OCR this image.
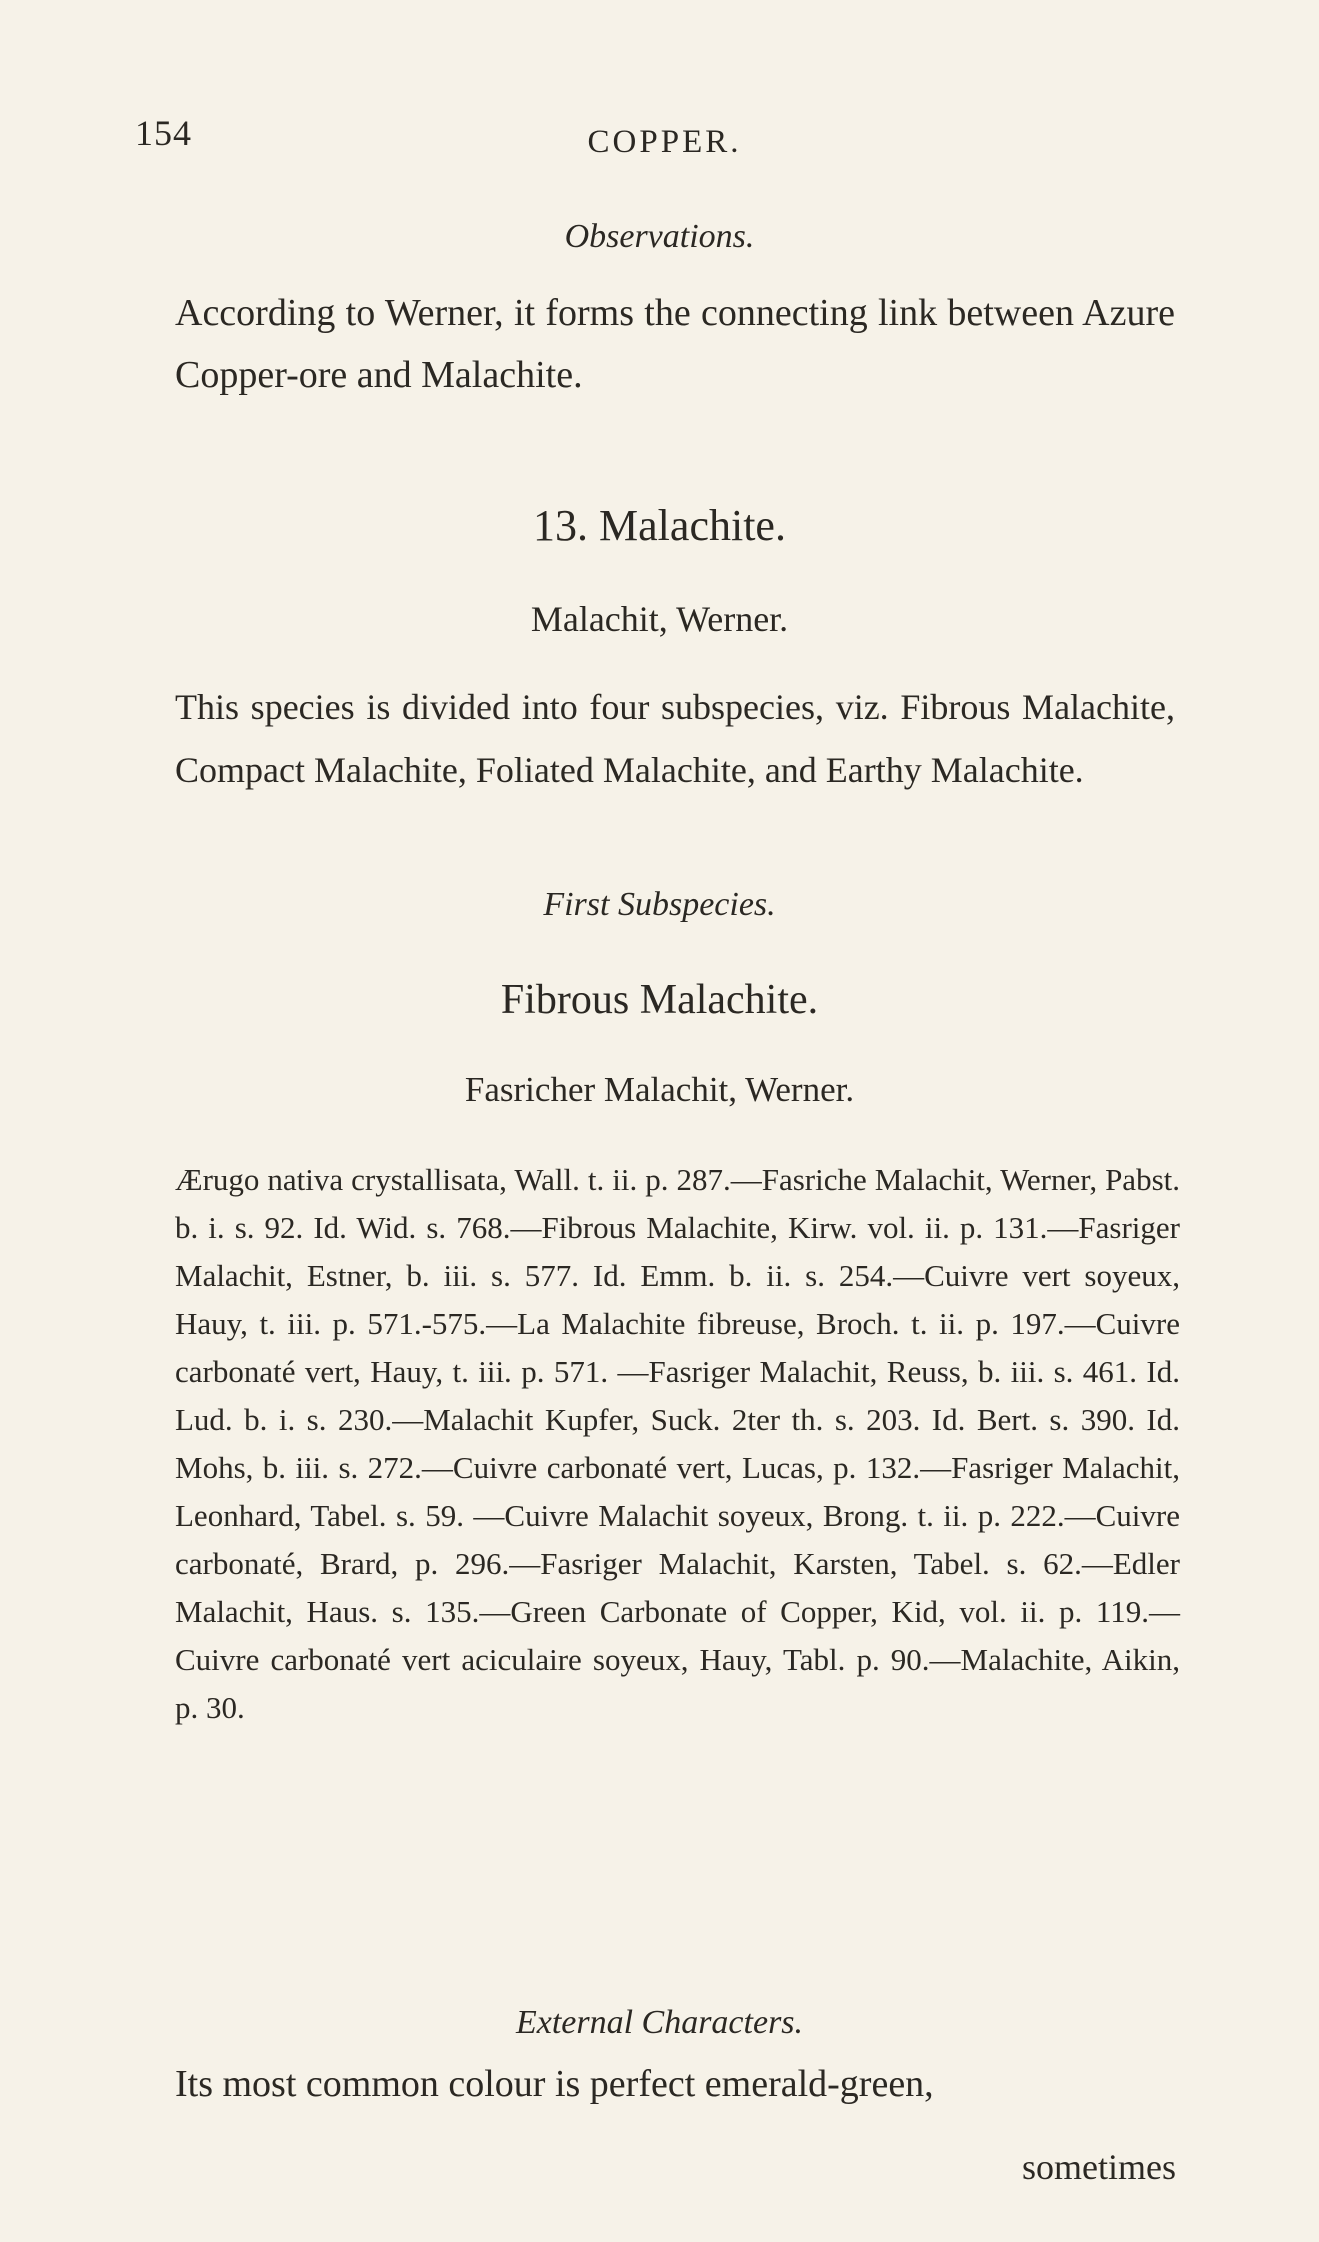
154	COPPER.
Observations.
According to Werner, it forms the connecting link between Azure Copper-ore and Malachite.
13. Malachite.
Malachit, Werner.
This species is divided into four subspecies, viz. Fibrous Malachite, Compact Malachite, Foliated Malachite, and Earthy Malachite.
First Subspecies.
Fibrous Malachite.
Fasricher Malachit, Werner.
Ærugo nativa crystallisata, Wall. t. ii. p. 287.—Fasriche Malachit, Werner, Pabst. b. i. s. 92. Id. Wid. s. 768.—Fibrous Malachite, Kirw. vol. ii. p. 131.—Fasriger Malachit, Estner, b. iii. s. 577. Id. Emm. b. ii. s. 254.—Cuivre vert soyeux, Hauy, t. iii. p. 571.-575.—La Malachite fibreuse, Broch. t. ii. p. 197.—Cuivre carbonaté vert, Hauy, t. iii. p. 571. —Fasriger Malachit, Reuss, b. iii. s. 461. Id. Lud. b. i. s. 230.—Malachit Kupfer, Suck. 2ter th. s. 203. Id. Bert. s. 390. Id. Mohs, b. iii. s. 272.—Cuivre carbonaté vert, Lucas, p. 132.—Fasriger Malachit, Leonhard, Tabel. s. 59. —Cuivre Malachit soyeux, Brong. t. ii. p. 222.—Cuivre carbonaté, Brard, p. 296.—Fasriger Malachit, Karsten, Tabel. s. 62.—Edler Malachit, Haus. s. 135.—Green Carbonate of Copper, Kid, vol. ii. p. 119.—Cuivre carbonaté vert aciculaire soyeux, Hauy, Tabl. p. 90.—Malachite, Aikin, p. 30.
External Characters.
Its most common colour is perfect emerald-green,
sometimes
